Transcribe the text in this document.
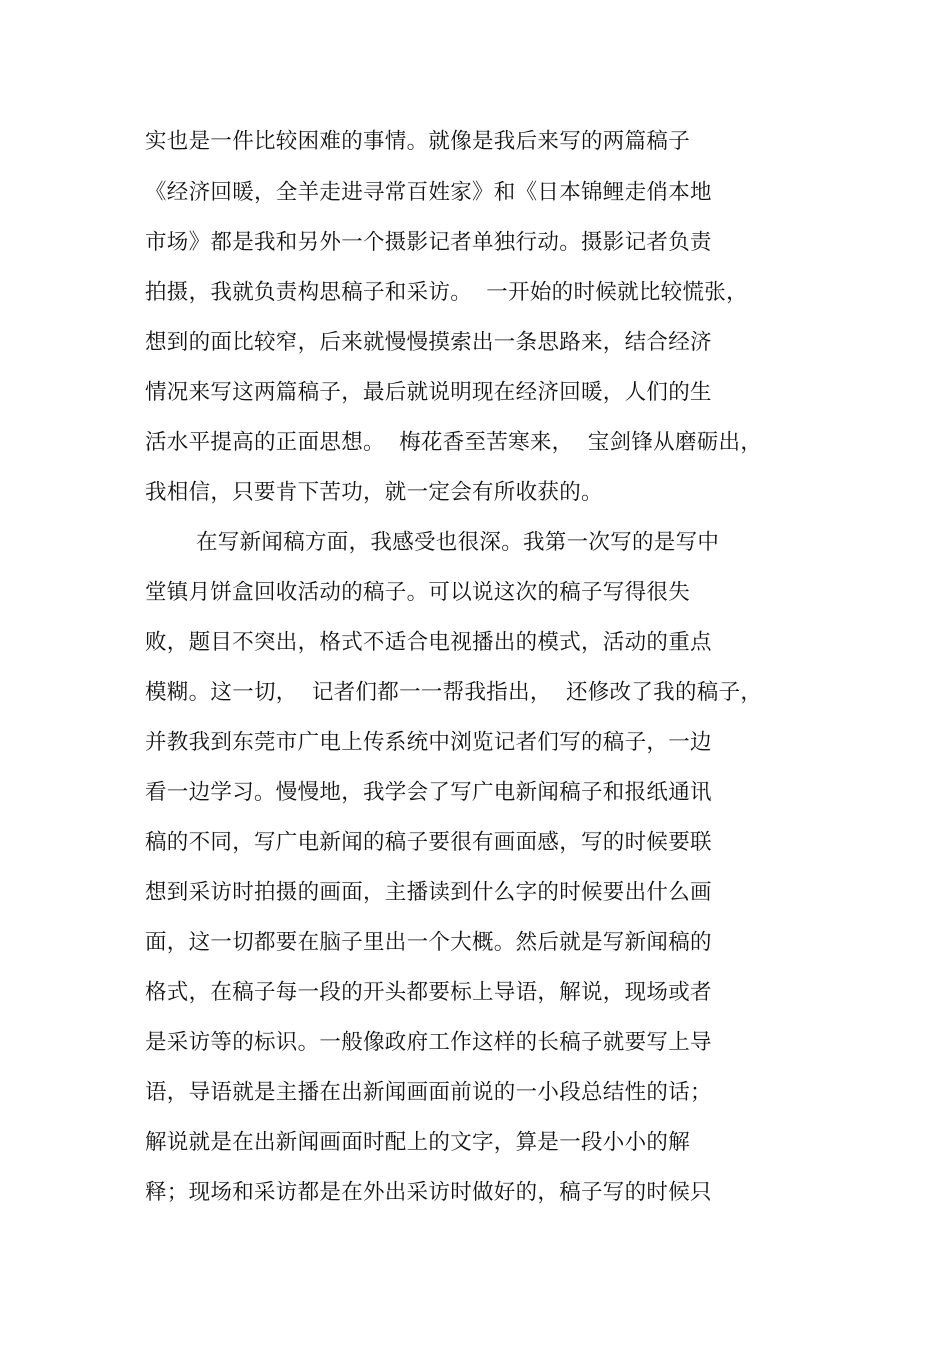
实也是一件比较困难的事情。就像是我后来写的两篇稿子
《经济回暖，全羊走进寻常百姓家》和《日本锦鲤走俏本地
市场》都是我和另外一个摄影记者单独行动。摄影记者负责
拍摄，我就负责构思稿子和采访。  一开始的时候就比较慌张，
想到的面比较窄，后来就慢慢摸索出一条思路来，结合经济
情况来写这两篇稿子，最后就说明现在经济回暖，人们的生
活水平提高的正面思想。  梅花香至苦寒来，  宝剑锋从磨砺出，
我相信，只要肯下苦功，就一定会有所收获的。
在写新闻稿方面，我感受也很深。我第一次写的是写中
堂镇月饼盒回收活动的稿子。可以说这次的稿子写得很失
败，题目不突出，格式不适合电视播出的模式，活动的重点
模糊。这一切，  记者们都一一帮我指出，  还修改了我的稿子，
并教我到东莞市广电上传系统中浏览记者们写的稿子，一边
看一边学习。慢慢地，我学会了写广电新闻稿子和报纸通讯
稿的不同，写广电新闻的稿子要很有画面感，写的时候要联
想到采访时拍摄的画面，主播读到什么字的时候要出什么画
面，这一切都要在脑子里出一个大概。然后就是写新闻稿的
格式，在稿子每一段的开头都要标上导语，解说，现场或者
是采访等的标识。一般像政府工作这样的长稿子就要写上导
语，导语就是主播在出新闻画面前说的一小段总结性的话；
解说就是在出新闻画面时配上的文字，算是一段小小的解
释；现场和采访都是在外出采访时做好的，稿子写的时候只
